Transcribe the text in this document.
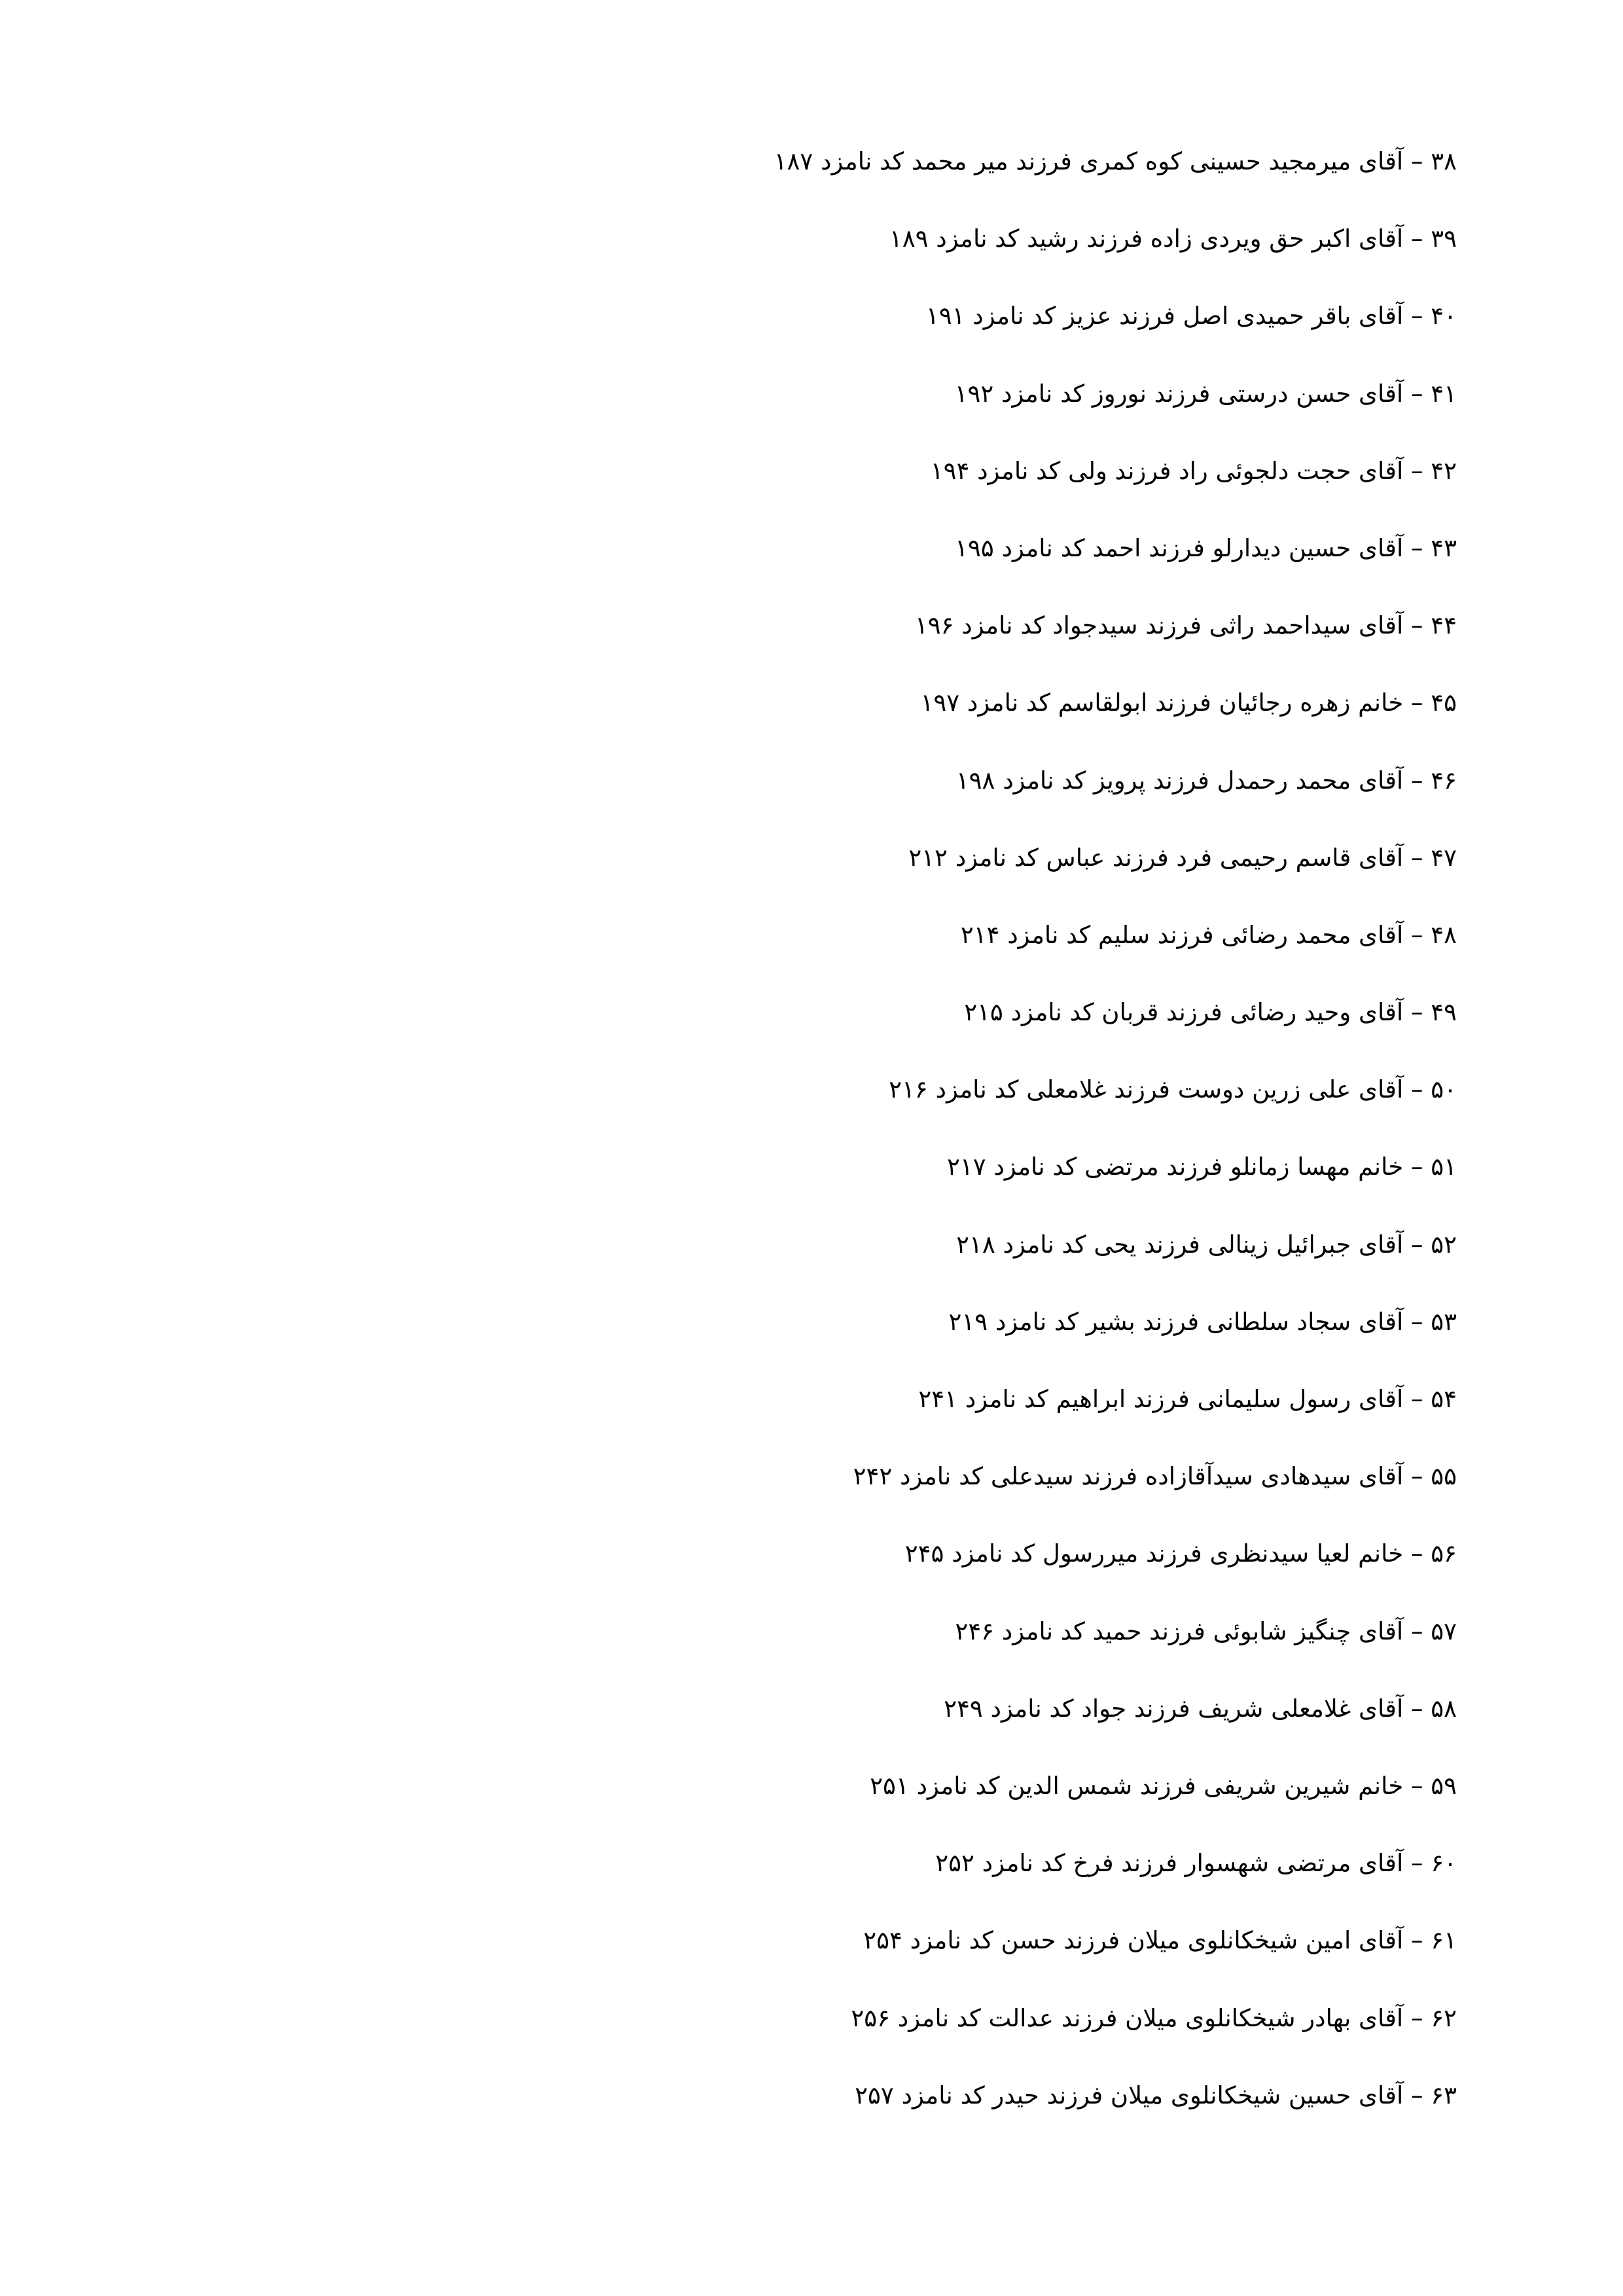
۳۸ – آقای میرمجید حسینی کوه کمری فرزند میر محمد کد نامزد ۱۸۷
۳۹ – آقای اکبر حق ویردی زاده فرزند رشید کد نامزد ۱۸۹
۴۰ – آقای باقر حمیدی اصل فرزند عزیز کد نامزد ۱۹۱
۴۱ – آقای حسن درستی فرزند نوروز کد نامزد ۱۹۲
۴۲ – آقای حجت دلجوئی راد فرزند ولی کد نامزد ۱۹۴
۴۳ – آقای حسین دیدارلو فرزند احمد کد نامزد ۱۹۵
۴۴ – آقای سیداحمد راثی فرزند سیدجواد کد نامزد ۱۹۶
۴۵ – خانم زهره رجائیان فرزند ابولقاسم کد نامزد ۱۹۷
۴۶ – آقای محمد رحمدل فرزند پرویز کد نامزد ۱۹۸
۴۷ – آقای قاسم رحیمی فرد فرزند عباس کد نامزد ۲۱۲
۴۸ – آقای محمد رضائی فرزند سلیم کد نامزد ۲۱۴
۴۹ – آقای وحید رضائی فرزند قربان کد نامزد ۲۱۵
۵۰ – آقای علی زرین دوست فرزند غلامعلی کد نامزد ۲۱۶
۵۱ – خانم مهسا زمانلو فرزند مرتضی کد نامزد ۲۱۷
۵۲ – آقای جبرائیل زینالی فرزند یحی کد نامزد ۲۱۸
۵۳ – آقای سجاد سلطانی فرزند بشیر کد نامزد ۲۱۹
۵۴ – آقای رسول سلیمانی فرزند ابراهیم کد نامزد ۲۴۱
۵۵ – آقای سیدهادی سیدآقازاده فرزند سیدعلی کد نامزد ۲۴۲
۵۶ – خانم لعیا سیدنظری فرزند میررسول کد نامزد ۲۴۵
۵۷ – آقای چنگیز شابوئی فرزند حمید کد نامزد ۲۴۶
۵۸ – آقای غلامعلی شریف فرزند جواد کد نامزد ۲۴۹
۵۹ – خانم شیرین شریفی فرزند شمس الدین کد نامزد ۲۵۱
۶۰ – آقای مرتضی شهسوار فرزند فرخ کد نامزد ۲۵۲
۶۱ – آقای امین شیخکانلوی میلان فرزند حسن کد نامزد ۲۵۴
۶۲ – آقای بهادر شیخکانلوی میلان فرزند عدالت کد نامزد ۲۵۶
۶۳ – آقای حسین شیخکانلوی میلان فرزند حیدر کد نامزد ۲۵۷
